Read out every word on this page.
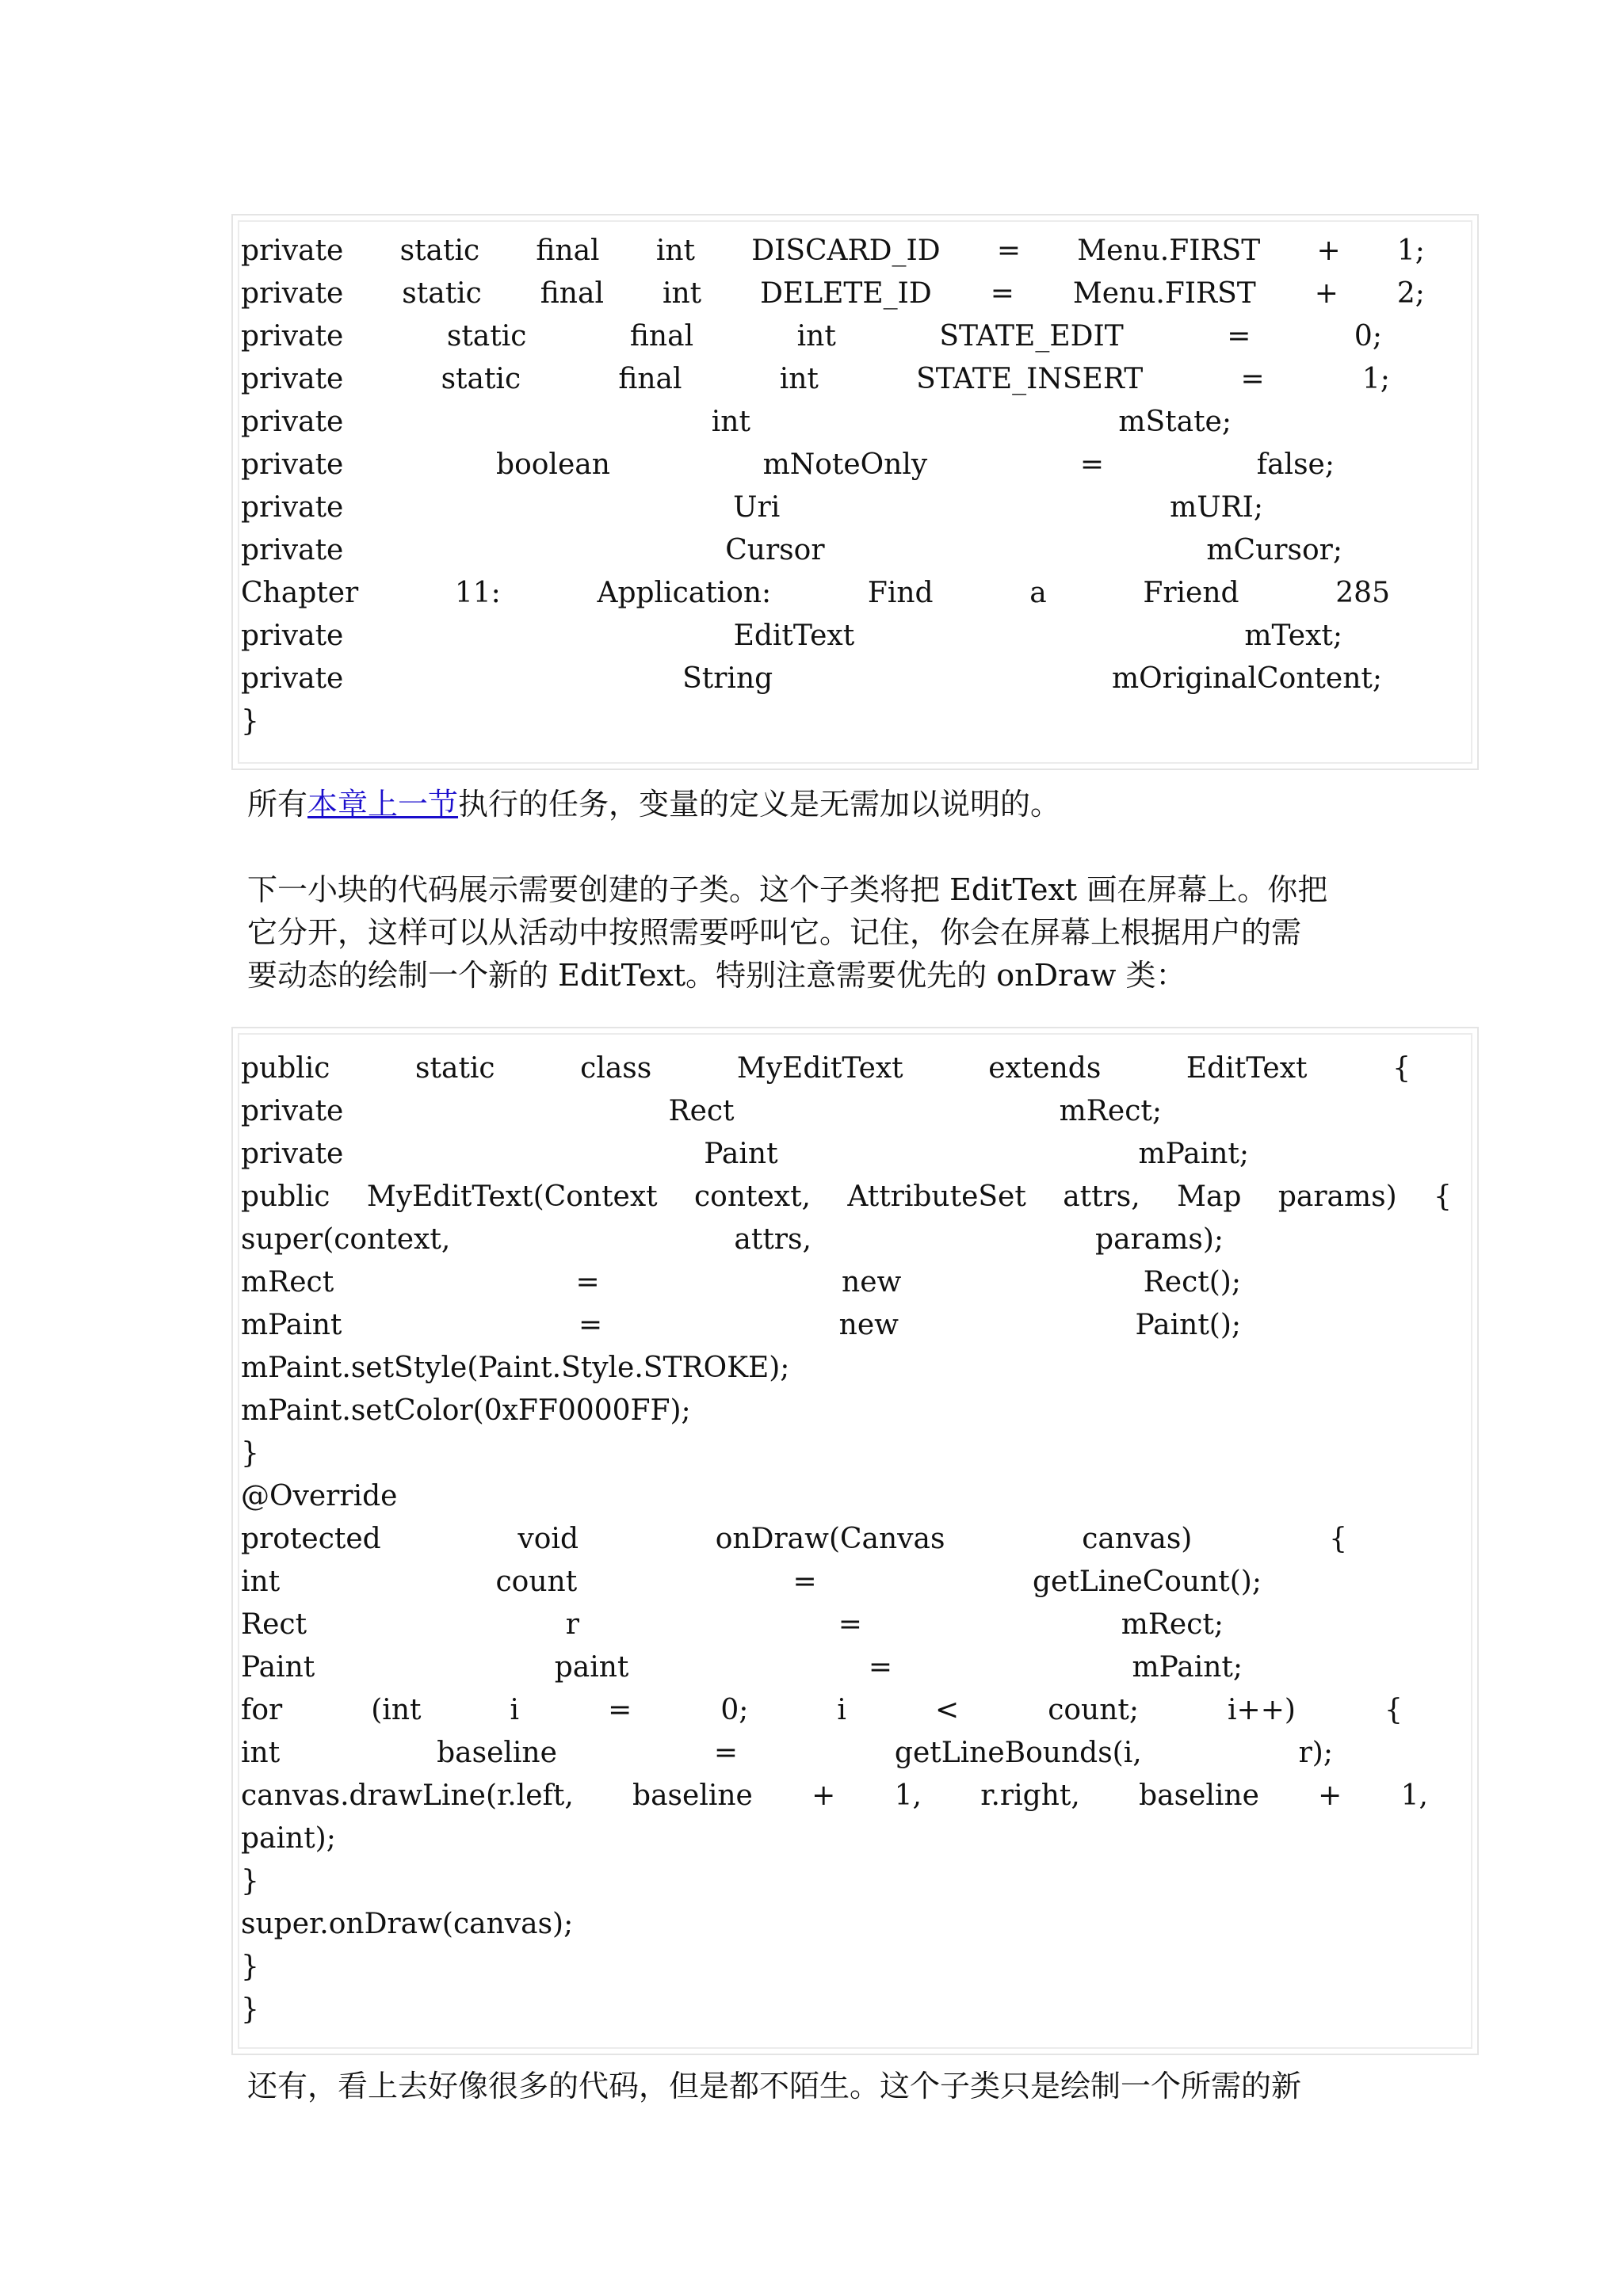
private static final int DISCARD_ID = Menu.FIRST + 1;
private static final int DELETE_ID = Menu.FIRST + 2;
private	static	final	int	STATE_EDIT	=	0;
private	static	final	int	STATE_INSERT	=	1;
private	int	mState;
private	boolean	mNoteOnly	=	false;
private	Uri	mURI;
private	Cursor	mCursor;
Chapter	11:	Application:	Find	a	Friend	285
private	EditText	mText;
private	String	mOriginalContent;
}
所有本章上一节执行的任务，变量的定义是无需加以说明的。
下一小块的代码展示需要创建的子类。这个子类将把 EditText 画在屏幕上。你把
它分开，这样可以从活动中按照需要呼叫它。记住，你会在屏幕上根据用户的需
要动态的绘制一个新的 EditText。特别注意需要优先的 onDraw 类：
public	static	class	MyEditText	extends	EditText	{
private	Rect	mRect;
private	Paint	mPaint;
public MyEditText(Context context, AttributeSet attrs, Map params) {
super(context,	attrs,	params);
mRect	=	new	Rect();
mPaint	=	new	Paint();
mPaint.setStyle(Paint.Style.STROKE);
mPaint.setColor(0xFF0000FF);
}
@Override
protected	void	onDraw(Canvas	canvas)	{
int	count	=	getLineCount();
Rect	r	=	mRect;
Paint	paint	=	mPaint;
for	(int	i	=	0;	i	<	count;	i++)	{
int	baseline	=	getLineBounds(i,	r);
canvas.drawLine(r.left, baseline + 1, r.right, baseline + 1,
paint);
}
super.onDraw(canvas);
}
}
还有，看上去好像很多的代码，但是都不陌生。这个子类只是绘制一个所需的新
